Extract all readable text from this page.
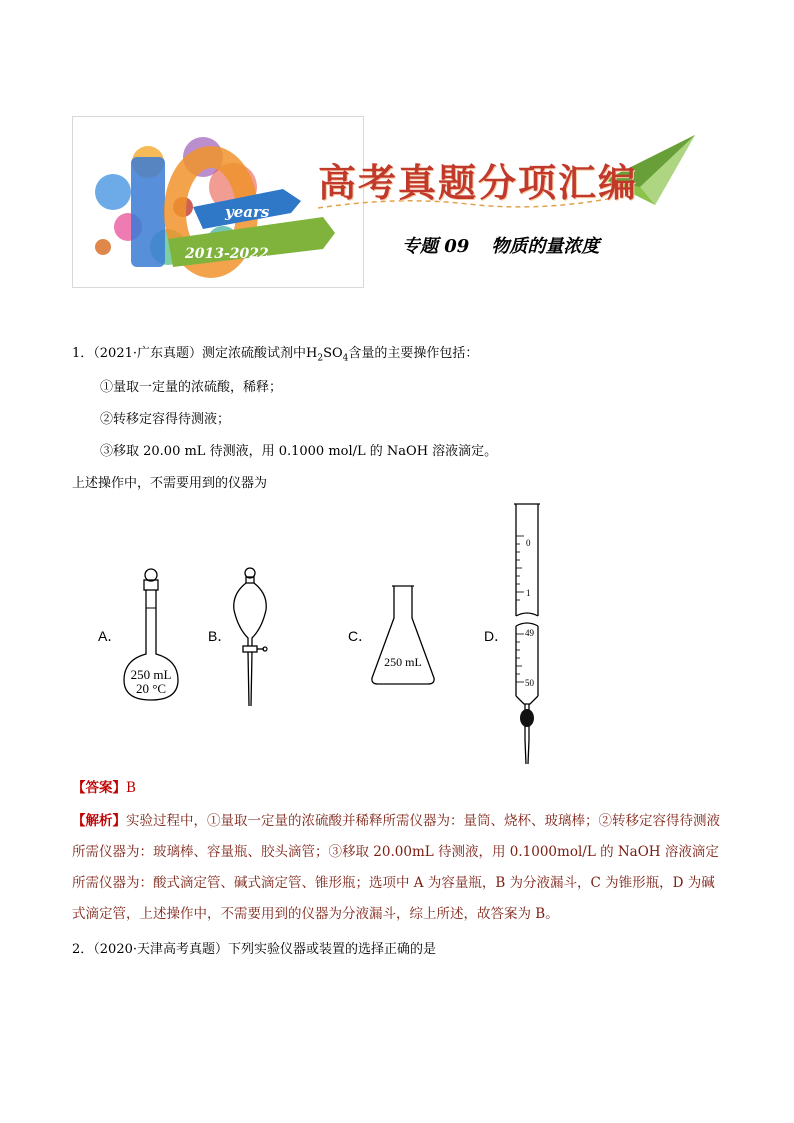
years
2013-2022
高考真题分项汇编
专题 09 物质的量浓度
1．（2021·广东真题）测定浓硫酸试剂中$H_2SO_4$含量的主要操作包括：
①量取一定量的浓硫酸，稀释；
②转移定容得待测液；
③移取 20.00 mL 待测液，用 0.1000 mol/L 的 NaOH 溶液滴定。
上述操作中，不需要用到的仪器为
A．	B．	C．	D．
250 mL
20 °C
250 mL
0
1
49
50
【答案】B
【解析】实验过程中，①量取一定量的浓硫酸并稀释所需仪器为：量筒、烧杯、玻璃棒；②转移定容得待测液所需仪器为：玻璃棒、容量瓶、胶头滴管；③移取 20.00mL 待测液，用 0.1000mol/L 的 NaOH 溶液滴定所需仪器为：酸式滴定管、碱式滴定管、锥形瓶；选项中 A 为容量瓶，B 为分液漏斗，C 为锥形瓶，D 为碱式滴定管，上述操作中，不需要用到的仪器为分液漏斗，综上所述，故答案为 B。
2．（2020·天津高考真题）下列实验仪器或装置的选择正确的是
